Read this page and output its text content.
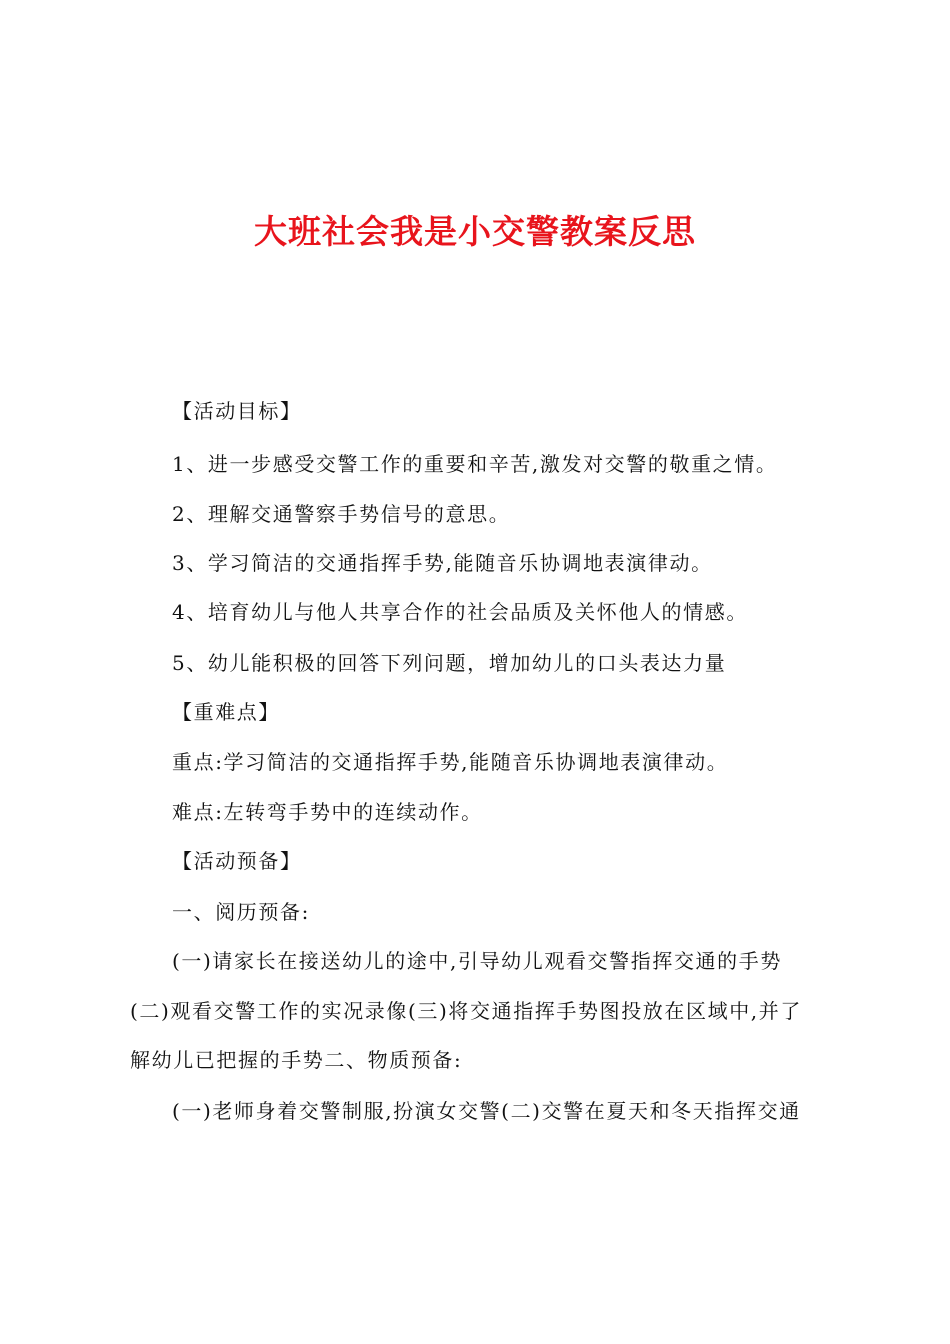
大班社会我是小交警教案反思
【活动目标】
1、进一步感受交警工作的重要和辛苦,激发对交警的敬重之情。
2、理解交通警察手势信号的意思。
3、学习简洁的交通指挥手势,能随音乐协调地表演律动。
4、培育幼儿与他人共享合作的社会品质及关怀他人的情感。
5、幼儿能积极的回答下列问题，增加幼儿的口头表达力量
【重难点】
重点:学习简洁的交通指挥手势,能随音乐协调地表演律动。
难点:左转弯手势中的连续动作。
【活动预备】
一、阅历预备:
(一)请家长在接送幼儿的途中,引导幼儿观看交警指挥交通的手势
(二)观看交警工作的实况录像(三)将交通指挥手势图投放在区域中,并了
解幼儿已把握的手势二、物质预备:
(一)老师身着交警制服,扮演女交警(二)交警在夏天和冬天指挥交通
